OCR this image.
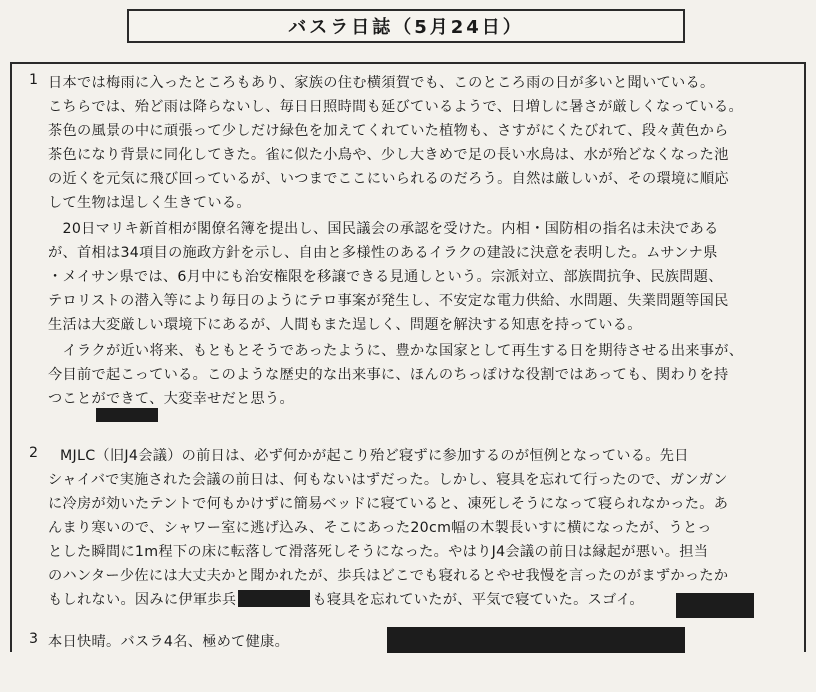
バスラ日誌（5月24日）
1 日本では梅雨に入ったところもあり、家族の住む横須賀でも、このところ雨の日が多いと聞いている。
こちらでは、殆ど雨は降らないし、毎日日照時間も延びているようで、日増しに暑さが厳しくなっている。
茶色の風景の中に頑張って少しだけ緑色を加えてくれていた植物も、さすがにくたびれて、段々黄色から
茶色になり背景に同化してきた。雀に似た小鳥や、少し大きめで足の長い水鳥は、水が殆どなくなった池
の近くを元気に飛び回っているが、いつまでここにいられるのだろう。自然は厳しいが、その環境に順応
して生物は逞しく生きている。
　20日マリキ新首相が閣僚名簿を提出し、国民議会の承認を受けた。内相・国防相の指名は未決である
が、首相は34項目の施政方針を示し、自由と多様性のあるイラクの建設に決意を表明した。ムサンナ県
・メイサン県では、6月中にも治安権限を移譲できる見通しという。宗派対立、部族間抗争、民族問題、
テロリストの潜入等により毎日のようにテロ事案が発生し、不安定な電力供給、水問題、失業問題等国民
生活は大変厳しい環境下にあるが、人間もまた逞しく、問題を解決する知恵を持っている。
　イラクが近い将来、もともとそうであったように、豊かな国家として再生する日を期待させる出来事が、
今目前で起こっている。このような歴史的な出来事に、ほんのちっぽけな役割ではあっても、関わりを持
つことができて、大変幸せだと思う。
2 MJLC（旧J4会議）の前日は、必ず何かが起こり殆ど寝ずに参加するのが恒例となっている。先日
シャイバで実施された会議の前日は、何もないはずだった。しかし、寝具を忘れて行ったので、ガンガン
に冷房が効いたテントで何もかけずに簡易ベッドに寝ていると、凍死しそうになって寝られなかった。あ
んまり寒いので、シャワー室に逃げ込み、そこにあった20cm幅の木製長いすに横になったが、うとっ
とした瞬間に1m程下の床に転落して滑落死しそうになった。やはりJ4会議の前日は縁起が悪い。担当
のハンター少佐には大丈夫かと聞かれたが、歩兵はどこでも寝れるとやせ我慢を言ったのがまずかったか
もしれない。因みに伊軍歩兵	も寝具を忘れていたが、平気で寝ていた。スゴイ。
3 本日快晴。バスラ4名、極めて健康。
